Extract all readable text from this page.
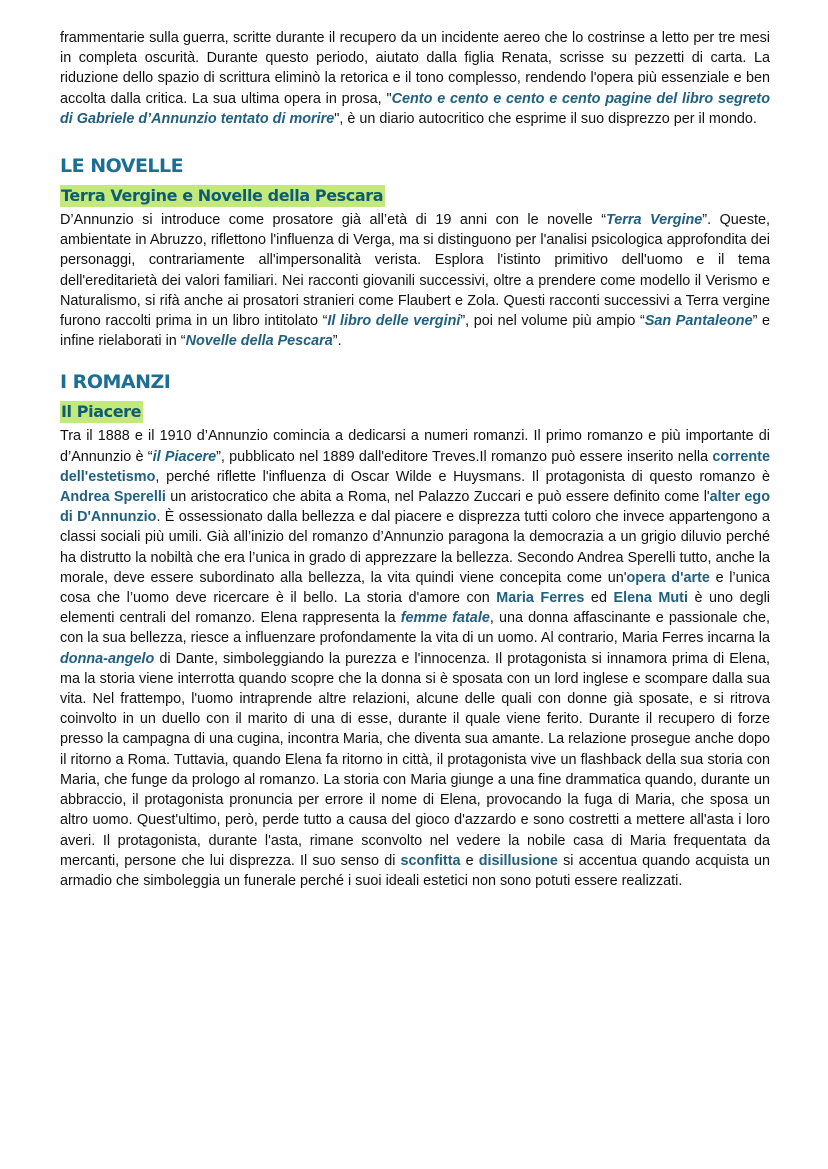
frammentarie sulla guerra, scritte durante il recupero da un incidente aereo che lo costrinse a letto per tre mesi in completa oscurità. Durante questo periodo, aiutato dalla figlia Renata, scrisse su pezzetti di carta. La riduzione dello spazio di scrittura eliminò la retorica e il tono complesso, rendendo l'opera più essenziale e ben accolta dalla critica. La sua ultima opera in prosa, "Cento e cento e cento e cento pagine del libro segreto di Gabriele d’Annunzio tentato di morire", è un diario autocritico che esprime il suo disprezzo per il mondo.

LE NOVELLE
Terra Vergine e Novelle della Pescara

D’Annunzio si introduce come prosatore già all’età di 19 anni con le novelle “Terra Vergine”. Queste, ambientate in Abruzzo, riflettono l'influenza di Verga, ma si distinguono per l'analisi psicologica approfondita dei personaggi, contrariamente all'impersonalità verista. Esplora l'istinto primitivo dell'uomo e il tema dell'ereditarietà dei valori familiari. Nei racconti giovanili successivi, oltre a prendere come modello il Verismo e Naturalismo, si rifà anche ai prosatori stranieri come Flaubert e Zola. Questi racconti successivi a Terra vergine furono raccolti prima in un libro intitolato “Il libro delle vergini”, poi nel volume più ampio “San Pantaleone” e infine rielaborati in “Novelle della Pescara”.

I ROMANZI
Il Piacere

Tra il 1888 e il 1910 d’Annunzio comincia a dedicarsi a numeri romanzi. Il primo romanzo e più importante di d’Annunzio è “il Piacere”, pubblicato nel 1889 dall'editore Treves.Il romanzo può essere inserito nella corrente dell'estetismo, perché riflette l'influenza di Oscar Wilde e Huysmans. Il protagonista di questo romanzo è Andrea Sperelli un aristocratico che abita a Roma, nel Palazzo Zuccari e può essere definito come l'alter ego di D'Annunzio. È ossessionato dalla bellezza e dal piacere e disprezza tutti coloro che invece appartengono a classi sociali più umili. Già all’inizio del romanzo d’Annunzio paragona la democrazia a un grigio diluvio perché ha distrutto la nobiltà che era l’unica in grado di apprezzare la bellezza. Secondo Andrea Sperelli tutto, anche la morale, deve essere subordinato alla bellezza, la vita quindi viene concepita come un'opera d'arte e l’unica cosa che l’uomo deve ricercare è il bello. La storia d'amore con Maria Ferres ed Elena Muti è uno degli elementi centrali del romanzo. Elena rappresenta la femme fatale, una donna affascinante e passionale che, con la sua bellezza, riesce a influenzare profondamente la vita di un uomo. Al contrario, Maria Ferres incarna la donna-angelo di Dante, simboleggiando la purezza e l'innocenza. Il protagonista si innamora prima di Elena, ma la storia viene interrotta quando scopre che la donna si è sposata con un lord inglese e scompare dalla sua vita. Nel frattempo, l'uomo intraprende altre relazioni, alcune delle quali con donne già sposate, e si ritrova coinvolto in un duello con il marito di una di esse, durante il quale viene ferito. Durante il recupero di forze presso la campagna di una cugina, incontra Maria, che diventa sua amante. La relazione prosegue anche dopo il ritorno a Roma. Tuttavia, quando Elena fa ritorno in città, il protagonista vive un flashback della sua storia con Maria, che funge da prologo al romanzo. La storia con Maria giunge a una fine drammatica quando, durante un abbraccio, il protagonista pronuncia per errore il nome di Elena, provocando la fuga di Maria, che sposa un altro uomo. Quest'ultimo, però, perde tutto a causa del gioco d'azzardo e sono costretti a mettere all'asta i loro averi. Il protagonista, durante l'asta, rimane sconvolto nel vedere la nobile casa di Maria frequentata da mercanti, persone che lui disprezza. Il suo senso di sconfitta e disillusione si accentua quando acquista un armadio che simboleggia un funerale perché i suoi ideali estetici non sono potuti essere realizzati.
